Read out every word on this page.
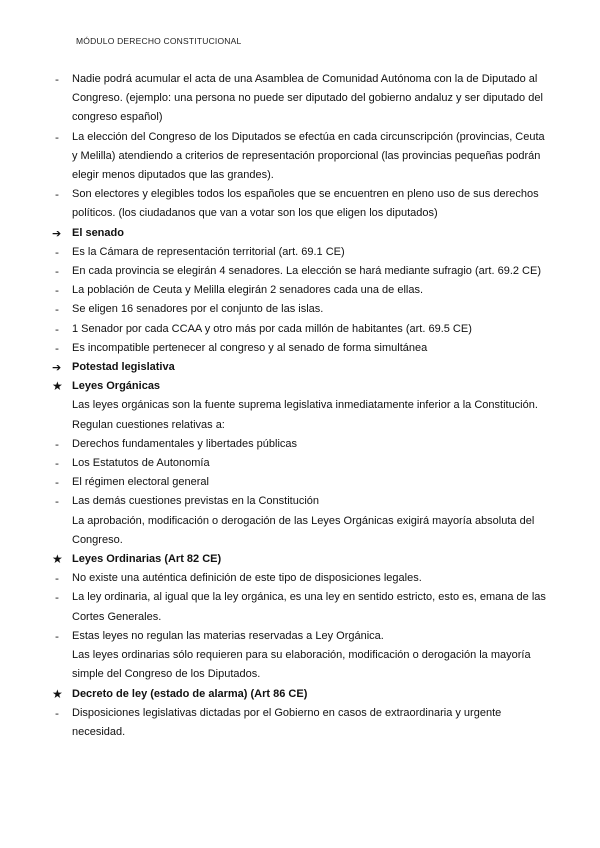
MÓDULO DERECHO CONSTITUCIONAL
-	Nadie podrá acumular el acta de una Asamblea de Comunidad Autónoma con la de Diputado al Congreso. (ejemplo: una persona no puede ser diputado del gobierno andaluz y ser diputado del congreso español)
-	La elección del Congreso de los Diputados se efectúa en cada circunscripción (provincias, Ceuta y Melilla) atendiendo a criterios de representación proporcional (las provincias pequeñas podrán elegir menos diputados que las grandes).
-	Son electores y elegibles todos los españoles que se encuentren en pleno uso de sus derechos políticos. (los ciudadanos que van a votar son los que eligen los diputados)
➔ El senado
-	Es la Cámara de representación territorial (art. 69.1 CE)
-	En cada provincia se elegirán 4 senadores. La elección se hará mediante sufragio (art. 69.2 CE)
-	La población de Ceuta y Melilla elegirán 2 senadores cada una de ellas.
-	Se eligen 16 senadores por el conjunto de las islas.
-	1 Senador por cada CCAA y otro más por cada millón de habitantes (art. 69.5 CE)
-	Es incompatible pertenecer al congreso y al senado de forma simultánea
➔ Potestad legislativa
★ Leyes Orgánicas
Las leyes orgánicas son la fuente suprema legislativa inmediatamente inferior a la Constitución.
Regulan cuestiones relativas a:
-	Derechos fundamentales y libertades públicas
-	Los Estatutos de Autonomía
-	El régimen electoral general
-	Las demás cuestiones previstas en la Constitución
La aprobación, modificación o derogación de las Leyes Orgánicas exigirá mayoría absoluta del Congreso.
★ Leyes Ordinarias (Art 82 CE)
-	No existe una auténtica definición de este tipo de disposiciones legales.
-	La ley ordinaria, al igual que la ley orgánica, es una ley en sentido estricto, esto es, emana de las Cortes Generales.
-	Estas leyes no regulan las materias reservadas a Ley Orgánica.
Las leyes ordinarias sólo requieren para su elaboración, modificación o derogación la mayoría simple del Congreso de los Diputados.
★ Decreto de ley (estado de alarma) (Art 86 CE)
-	Disposiciones legislativas dictadas por el Gobierno en casos de extraordinaria y urgente necesidad.
